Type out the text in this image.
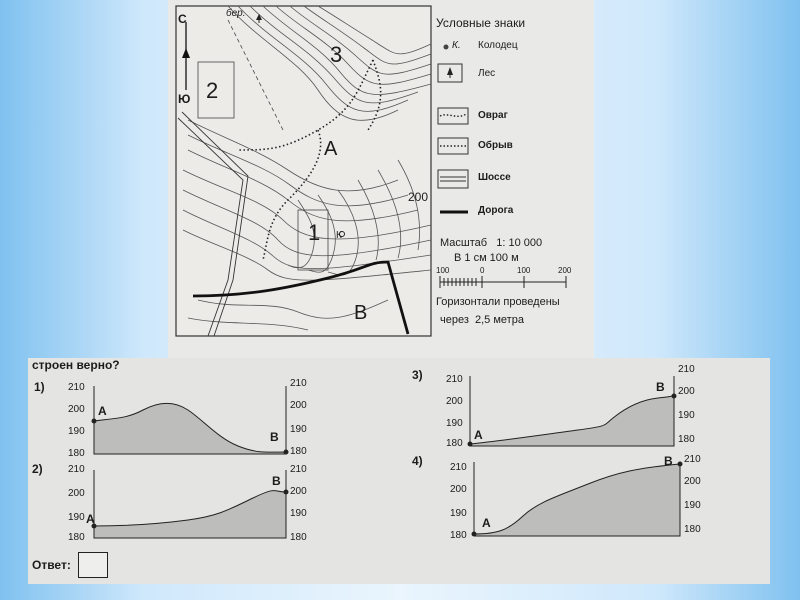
С
Ю
бер.
2
3
1
A
B
200
К
Условные знаки
К. Колодец
Лес
Овраг
Обрыв
Шоссе
Дорога
Масштаб   1: 10 000
В 1 см 100 м
100	0	100	200
Горизонтали проведены
через  2,5 метра
строен верно?
1) 210
200
190
180
210
200
190
180
A
B
2)	210
200
190
180
210
200
190
180
A
B
3) 210
200
190
180
210
200
190
180
A
B
4)	210
200
190
180
210
200
190
180
A
B
Ответ:
